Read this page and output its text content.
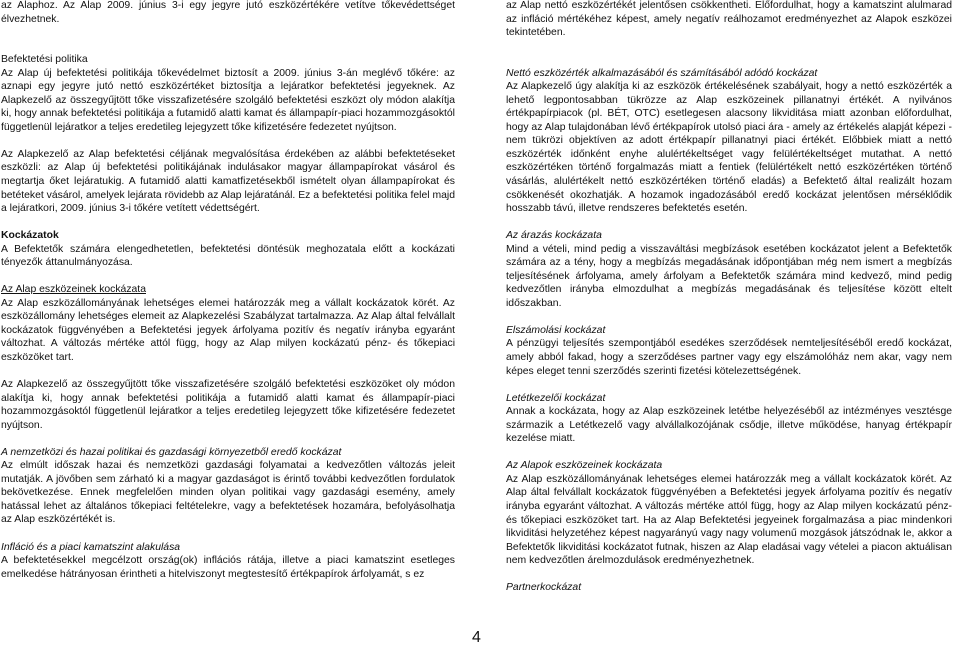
az Alaphoz. Az Alap 2009. június 3-i egy jegyre jutó eszközértékére vetítve tőkevédettséget élvezhetnek.

Befektetési politika

Az Alap új befektetési politikája tőkevédelmet biztosít a 2009. június 3-án meglévő tőkére: az aznapi egy jegyre jutó nettó eszközértéket biztosítja a lejáratkor befektetési jegyeknek. Az Alapkezelő az összegyűjtött tőke visszafizetésére szolgáló befektetési eszközt oly módon alakítja ki, hogy annak befektetési politikája a futamidő alatti kamat és állampapír-piaci hozammozgásoktól függetlenül lejáratkor a teljes eredetileg lejegyzett tőke kifizetésére fedezetet nyújtson.

Az Alapkezelő az Alap befektetési céljának megvalósítása érdekében az alábbi befektetéseket eszközli: az Alap új befektetési politikájának indulásakor magyar állampapírokat vásárol és megtartja őket lejáratukig. A futamidő alatti kamatfizetésekből ismételt olyan állampapírokat és betéteket vásárol, amelyek lejárata rövidebb az Alap lejáratánál. Ez a befektetési politika felel majd a lejáratkori, 2009. június 3-i tőkére vetített védettségért.

Kockázatok

A Befektetők számára elengedhetetlen, befektetési döntésük meghozatala előtt a kockázati tényezők áttanulmányozása.

Az Alap eszközeinek kockázata

Az Alap eszközállományának lehetséges elemei határozzák meg a vállalt kockázatok körét. Az eszközállomány lehetséges elemeit az Alapkezelési Szabályzat tartalmazza. Az Alap által felvállalt kockázatok függvényében a Befektetési jegyek árfolyama pozitív és negatív irányba egyaránt változhat. A változás mértéke attól függ, hogy az Alap milyen kockázatú pénz- és tőkepiaci eszközöket tart.

Az Alapkezelő az összegyűjtött tőke visszafizetésére szolgáló befektetési eszközöket oly módon alakítja ki, hogy annak befektetési politikája a futamidő alatti kamat és állampapír-piaci hozammozgásoktól függetlenül lejáratkor a teljes eredetileg lejegyzett tőke kifizetésére fedezetet nyújtson.

A nemzetközi és hazai politikai és gazdasági környezetből eredő kockázat

Az elmúlt időszak hazai és nemzetközi gazdasági folyamatai a kedvezőtlen változás jeleit mutatják. A jövőben sem zárható ki a magyar gazdaságot is érintő további kedvezőtlen fordulatok bekövetkezése. Ennek megfelelően minden olyan politikai vagy gazdasági esemény, amely hatással lehet az általános tőkepiaci feltételekre, vagy a befektetések hozamára, befolyásolhatja az Alap eszközértékét is.

Infláció és a piaci kamatszint alakulása

A befektetésekkel megcélzott ország(ok) inflációs rátája, illetve a piaci kamatszint esetleges emelkedése hátrányosan érintheti a hitelviszonyt megtestesítő értékpapírok árfolyamát, s ez

az Alap nettó eszközértékét jelentősen csökkentheti. Előfordulhat, hogy a kamatszint alulmarad az infláció mértékéhez képest, amely negatív reálhozamot eredményezhet az Alapok eszközei tekintetében.

Nettó eszközérték alkalmazásából és számításából adódó kockázat

Az Alapkezelő úgy alakítja ki az eszközök értékelésének szabályait, hogy a nettó eszközérték a lehető legpontosabban tükrözze az Alap eszközeinek pillanatnyi értékét. A nyilvános értékpapírpiacok (pl. BÉT, OTC) esetlegesen alacsony likviditása miatt azonban előfordulhat, hogy az Alap tulajdonában lévő értékpapírok utolsó piaci ára - amely az értékelés alapját képezi - nem tükrözi objektíven az adott értékpapír pillanatnyi piaci értékét. Előbbiek miatt a nettó eszközérték időnként enyhe alulértékeltséget vagy felülértékeltséget mutathat. A nettó eszközértéken történő forgalmazás miatt a fentiek (felülértékelt nettó eszközértéken történő vásárlás, alulértékelt nettó eszközértéken történő eladás) a Befektető által realizált hozam csökkenését okozhatják. A hozamok ingadozásából eredő kockázat jelentősen mérséklődik hosszabb távú, illetve rendszeres befektetés esetén.

Az árazás kockázata

Mind a vételi, mind pedig a visszaváltási megbízások esetében kockázatot jelent a Befektetők számára az a tény, hogy a megbízás megadásának időpontjában még nem ismert a megbízás teljesítésének árfolyama, amely árfolyam a Befektetők számára mind kedvező, mind pedig kedvezőtlen irányba elmozdulhat a megbízás megadásának és teljesítése között eltelt időszakban.

Elszámolási kockázat

A pénzügyi teljesítés szempontjából esedékes szerződések nemteljesítéséből eredő kockázat, amely abból fakad, hogy a szerződéses partner vagy egy elszámolóház nem akar, vagy nem képes eleget tenni szerződés szerinti fizetési kötelezettségének.

Letétkezelői kockázat

Annak a kockázata, hogy az Alap eszközeinek letétbe helyezéséből az intézményes vesztésge származik a Letétkezelő vagy alvállalkozójának csődje, illetve működése, hanyag értékpapír kezelése miatt.

Az Alapok eszközeinek kockázata

Az Alap eszközállományának lehetséges elemei határozzák meg a vállalt kockázatok körét. Az Alap által felvállalt kockázatok függvényében a Befektetési jegyek árfolyama pozitív és negatív irányba egyaránt változhat. A változás mértéke attól függ, hogy az Alap milyen kockázatú pénz- és tőkepiaci eszközöket tart. Ha az Alap Befektetési jegyeinek forgalmazása a piac mindenkori likviditási helyzetéhez képest nagyarányú vagy nagy volumenű mozgások játszódnak le, akkor a Befektetők likviditási kockázatot futnak, hiszen az Alap eladásai vagy vételei a piacon aktuálisan nem kedvezőtlen árelmozdulások eredményezhetnek.

Partnerkockázat
4
